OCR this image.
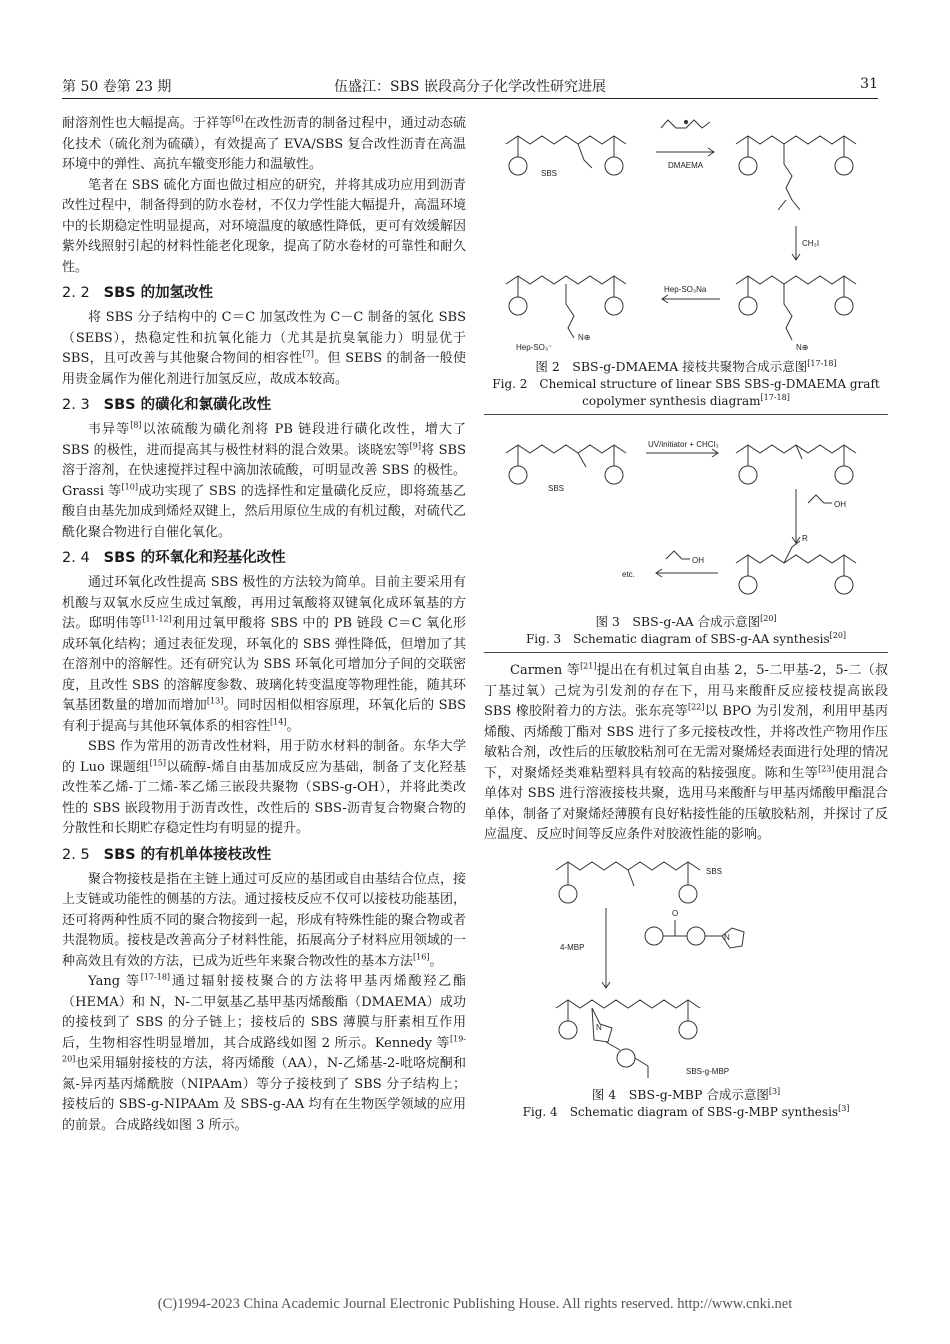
第 50 卷第 23 期	伍盛江：SBS 嵌段高分子化学改性研究进展	31

耐溶剂性也大幅提高。于祥等[6]在改性沥青的制备过程中，通过动态硫化技术（硫化剂为硫磺），有效提高了 EVA/SBS 复合改性沥青在高温环境中的弹性、高抗车辙变形能力和温敏性。

笔者在 SBS 硫化方面也做过相应的研究，并将其成功应用到沥青改性过程中，制备得到的防水卷材，不仅力学性能大幅提升，高温环境中的长期稳定性明显提高，对环境温度的敏感性降低，更可有效缓解因紫外线照射引起的材料性能老化现象，提高了防水卷材的可靠性和耐久性。

2. 2 SBS 的加氢改性

将 SBS 分子结构中的 C＝C 加氢改性为 C－C 制备的氢化 SBS（SEBS），热稳定性和抗氧化能力（尤其是抗臭氧能力）明显优于 SBS，且可改善与其他聚合物间的相容性[7]。但 SEBS 的制备一般使用贵金属作为催化剂进行加氢反应，故成本较高。

2. 3 SBS 的磺化和氯磺化改性

韦异等[8]以浓硫酸为磺化剂将 PB 链段进行磺化改性，增大了 SBS 的极性，进而提高其与极性材料的混合效果。谈晓宏等[9]将 SBS 溶于溶剂，在快速搅拌过程中滴加浓硫酸，可明显改善 SBS 的极性。Grassi 等[10]成功实现了 SBS 的选择性和定量磺化反应，即将巯基乙酸自由基先加成到烯烃双键上，然后用原位生成的有机过酸，对硫代乙酰化聚合物进行自催化氧化。

2. 4 SBS 的环氧化和羟基化改性

通过环氧化改性提高 SBS 极性的方法较为简单。目前主要采用有机酸与双氧水反应生成过氧酸，再用过氧酸将双键氧化成环氧基的方法。邸明伟等[11-12]利用过氧甲酸将 SBS 中的 PB 链段 C＝C 氧化形成环氧化结构；通过表征发现，环氧化的 SBS 弹性降低，但增加了其在溶剂中的溶解性。还有研究认为 SBS 环氧化可增加分子间的交联密度，且改性 SBS 的溶解度参数、玻璃化转变温度等物理性能，随其环氧基团数量的增加而增加[13]。同时因相似相容原理，环氧化后的 SBS 有利于提高与其他环氧体系的相容性[14]。

SBS 作为常用的沥青改性材料，用于防水材料的制备。东华大学的 Luo 课题组[15]以硫醇-烯自由基加成反应为基础，制备了支化羟基改性苯乙烯-丁二烯-苯乙烯三嵌段共聚物（SBS-g-OH），并将此类改性的 SBS 嵌段物用于沥青改性，改性后的 SBS-沥青复合物聚合物的分散性和长期贮存稳定性均有明显的提升。

2. 5 SBS 的有机单体接枝改性

聚合物接枝是指在主链上通过可反应的基团或自由基结合位点，接上支链或功能性的侧基的方法。通过接枝反应不仅可以接枝功能基团，还可将两种性质不同的聚合物接到一起，形成有特殊性能的聚合物或者共混物质。接枝是改善高分子材料性能，拓展高分子材料应用领域的一种高效且有效的方法，已成为近些年来聚合物改性的基本方法[16]。

Yang 等[17-18]通过辐射接枝聚合的方法将甲基丙烯酸羟乙酯（HEMA）和 N，N-二甲氨基乙基甲基丙烯酸酯（DMAEMA）成功的接枝到了 SBS 的分子链上；接枝后的 SBS 薄膜与肝素相互作用后，生物相容性明显增加，其合成路线如图 2 所示。Kennedy 等[19-20]也采用辐射接枝的方法，将丙烯酸（AA），N-乙烯基-2-吡咯烷酮和氮-异丙基丙烯酰胺（NIPAAm）等分子接枝到了 SBS 分子结构上；接枝后的 SBS-g-NIPAAm 及 SBS-g-AA 均有在生物医学领域的应用的前景。合成路线如图 3 所示。

SBS
DMAEMA
CH₃I
Hep-SO₃Na
Hep-SO₃⁻
N⊕
N⊕
图 2　SBS-g-DMAEMA 接枝共聚物合成示意图[17-18]
Fig. 2　Chemical structure of linear SBS SBS-g-DMAEMA graft
copolymer synthesis diagram[17-18]
SBS
UV/initiator + CHCl₃
OH
OH
R
etc.
图 3　SBS-g-AA 合成示意图[20]
Fig. 3　Schematic diagram of SBS-g-AA synthesis[20]

Carmen 等[21]提出在有机过氧自由基 2，5-二甲基-2，5-二（叔丁基过氧）己烷为引发剂的存在下，用马来酸酐反应接枝提高嵌段 SBS 橡胶附着力的方法。张东亮等[22]以 BPO 为引发剂，利用甲基丙烯酸、丙烯酸丁酯对 SBS 进行了多元接枝改性，并将改性产物用作压敏粘合剂，改性后的压敏胶粘剂可在无需对聚烯烃表面进行处理的情况下，对聚烯烃类难粘塑料具有较高的粘接强度。陈和生等[23]使用混合单体对 SBS 进行溶液接枝共聚，选用马来酸酐与甲基丙烯酸甲酯混合单体，制备了对聚烯烃薄膜有良好粘接性能的压敏胶粘剂，并探讨了反应温度、反应时间等反应条件对胶液性能的影响。

SBS
4-MBP
O
N
N
SBS-g-MBP
图 4　SBS-g-MBP 合成示意图[3]
Fig. 4　Schematic diagram of SBS-g-MBP synthesis[3]
(C)1994-2023 China Academic Journal Electronic Publishing House. All rights reserved. http://www.cnki.net
